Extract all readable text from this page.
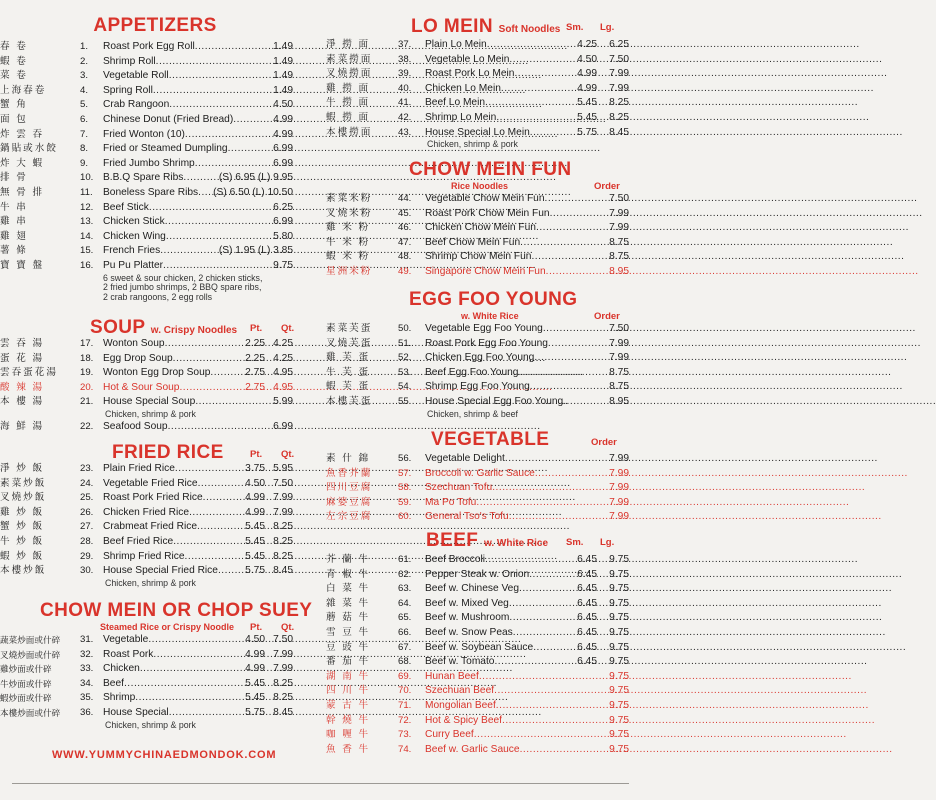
APPETIZERS
春 卷	1. Roast Pork Egg Roll .....	1.49
蝦 卷	2. Shrimp Roll .....	1.49
菜 卷	3. Vegetable Roll .....	1.49
上海春卷	4. Spring Roll .....	1.49
蟹 角	5. Crab Rangoon .....	4.50
面 包	6. Chinese Donut (Fried Bread) .....	4.99
炸 雲 吞	7. Fried Wonton (10) .....	4.99
鍋貼或水餃 8. Fried or Steamed Dumpling .....	6.99
炸 大 蝦	9. Fried Jumbo Shrimp .....	6.99
排 骨	10. B.B.Q Spare Ribs .....	(S) 6.95 (L) 9.95
無 骨 排	11. Boneless Spare Ribs ..... (S) 6.50 (L) 10.50
牛 串	12. Beef Stick .....	6.25
雞 串	13. Chicken Stick .....	6.99
雞 翅	14. Chicken Wing .....	5.80
薯 條	15. French Fries .....	(S) 1.95 (L) 3.85
寶 寶 盤	16. Pu Pu Platter .....	9.75
6 sweet & sour chicken, 2 chicken sticks,
2 fried jumbo shrimps, 2 BBQ spare ribs,
2 crab rangoons, 2 egg rolls
SOUP w. Crispy Noodles Pt. Qt.
雲 吞 湯	17. Wonton Soup .....	2.25 4.25
蛋 花 湯	18. Egg Drop Soup .....	2.25 4.25
雲吞蛋花湯 19. Wonton Egg Drop Soup .....	2.75 4.95
酸 辣 湯	20. Hot & Sour Soup .....	2.75 4.95
本 樓 湯	21. House Special Soup .....	5.99
Chicken, shrimp & pork
海 鮮 湯	22. Seafood Soup .....	6.99
FRIED RICE	Pt. Qt.
淨 炒 飯	23. Plain Fried Rice .....	3.75 5.95
素菜炒飯	24. Vegetable Fried Rice .....	4.50 7.50
叉燒炒飯	25. Roast Pork Fried Rice .....	4.99 7.99
雞 炒 飯	26. Chicken Fried Rice .....	4.99 7.99
蟹 炒 飯	27. Crabmeat Fried Rice .....	5.45 8.25
牛 炒 飯	28. Beef Fried Rice .....	5.45 8.25
蝦 炒 飯	29. Shrimp Fried Rice .....	5.45 8.25
本樓炒飯	30. House Special Fried Rice .....	5.75 8.45
Chicken, shrimp & pork
CHOW MEIN OR CHOP SUEY
Steamed Rice or Crispy Noodle Pt. Qt.
蔬菜炒面或什碎	31. Vegetable .....	4.50 7.50
叉燒炒面或什碎	32. Roast Pork .....	4.99 7.99
雞炒面或什碎	33. Chicken .....	4.99 7.99
牛炒面或什碎	34. Beef .....	5.45 8.25
蝦炒面或什碎	35. Shrimp .....	5.45 8.25
本樓炒面或什碎	36. House Special .....	5.75 8.45
Chicken, shrimp & pork
WWW.YUMMYCHINAEDMONDOK.COM
LO MEIN Soft Noodles Sm. Lg.
淨 撈 面	37. Plain Lo Mein .....	4.25 6.25
素菜撈面	38. Vegetable Lo Mein .....	4.50 7.50
叉燒撈面	39. Roast Pork Lo Mein .....	4.99 7.99
雞 撈 面	40. Chicken Lo Mein .....	4.99 7.99
牛 撈 面	41. Beef Lo Mein .....	5.45 8.25
蝦 撈 面	42. Shrimp Lo Mein .....	5.45 8.25
本樓撈面	43. House Special Lo Mein .....	5.75 8.45
Chicken, shrimp & pork
CHOW MEIN FUN
Rice Noodles	Order
素菜米粉	44. Vegetable Chow Mein Fun .....	7.50
叉燒米粉	45. Roast Pork Chow Mein Fun .....	7.99
雞 米 粉	46. Chicken Chow Mein Fun .....	7.99
牛 米 粉	47. Beef Chow Mein Fun .....	8.75
蝦 米 粉	48. Shrimp Chow Mein Fun .....	8.75
星洲米粉	49. Singapore Chow Mein Fun .....	8.95
EGG FOO YOUNG
w. White Rice	Order
素菜芙蛋	50. Vegetable Egg Foo Young .....	7.50
叉燒芙蛋	51. Roast Pork Egg Foo Young .....	7.99
雞 芙 蛋	52. Chicken Egg Foo Young .....	7.99
牛 芙 蛋	53. Beef Egg Foo Young .....	8.75
蝦 芙 蛋	54. Shrimp Egg Foo Young .....	8.75
本樓芙蛋	55. House Special Egg Foo Young .....	8.95
Chicken, shrimp & beef
VEGETABLE	Order
素 什 錦	56. Vegetable Delight .....	7.99
魚香芥蘭	57. Broccoli w. Garlic Sauce .....	7.99
四川豆腐	58. Szechuan Tofu .....	7.99
麻婆豆腐	59. Ma Po Tofu .....	7.99
左宗豆腐	60. General Tso's Tofu .....	7.99
BEEF w. White Rice Sm. Lg.
芥 蘭 牛	61. Beef Broccoli .....	6.45 9.75
青 椒 牛	62. Pepper Steak w. Onion .....	6.45 9.75
白 菜 牛	63. Beef w. Chinese Veg .....	6.45 9.75
雜 菜 牛	64. Beef w. Mixed Veg .....	6.45 9.75
蘑 菇 牛	65. Beef w. Mushroom .....	6.45 9.75
雪 豆 牛	66. Beef w. Snow Peas .....	6.45 9.75
豆 豉 牛	67. Beef w. Soybean Sauce .....	6.45 9.75
番 茄 牛	68. Beef w. Tomato .....	6.45 9.75
湖 南 牛	69. Hunan Beef .....	9.75
四 川 牛	70. Szechuan Beef .....	9.75
蒙 古 牛	71. Mongolian Beef .....	9.75
幹 燒 牛	72. Hot & Spicy Beef .....	9.75
咖 喱 牛	73. Curry Beef .....	9.75
魚 香 牛	74. Beef w. Garlic Sauce .....	9.75
